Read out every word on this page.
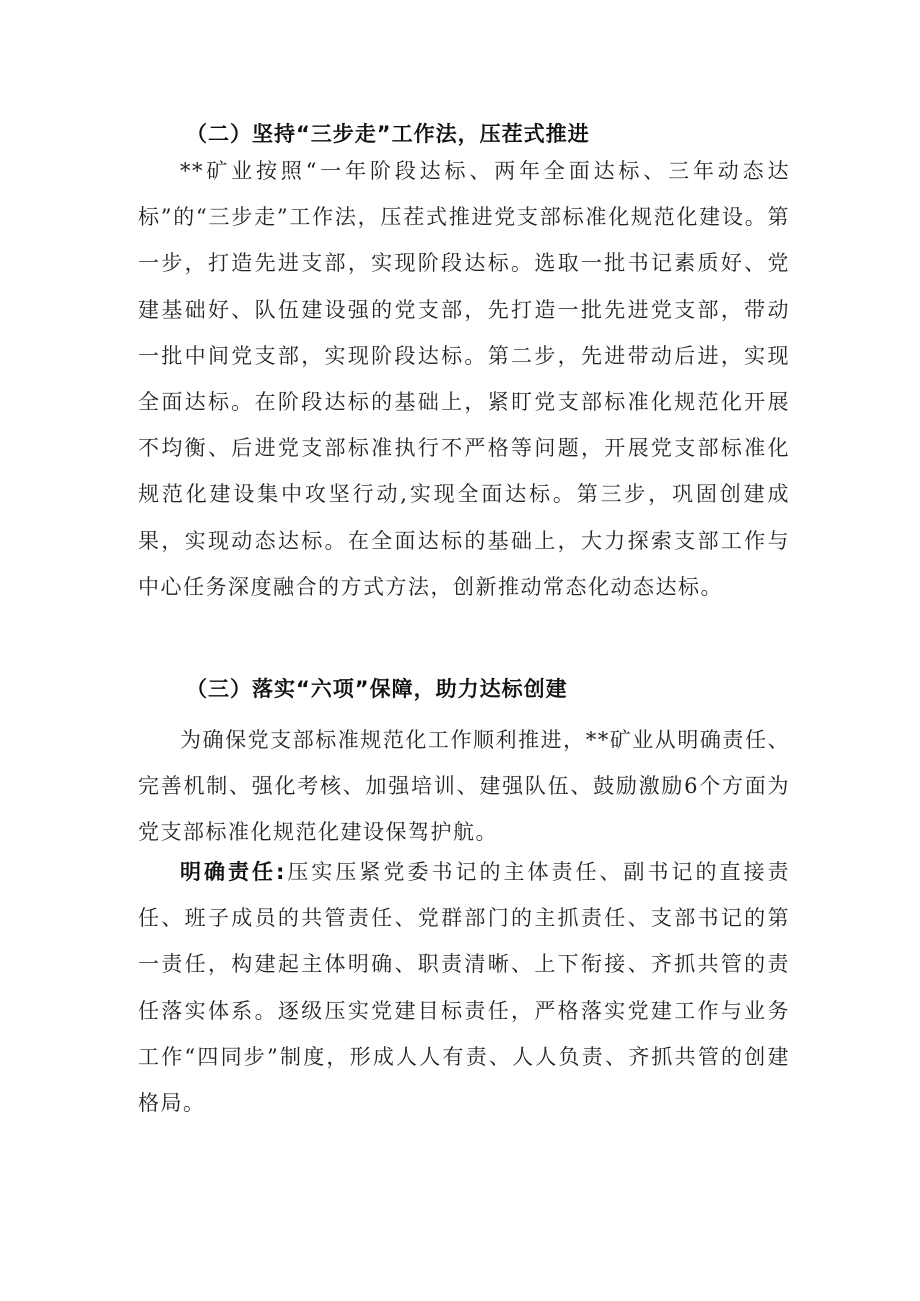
（二）坚持“三步走”工作法，压茬式推进

**矿业按照“一年阶段达标、两年全面达标、三年动态达标”的“三步走”工作法，压茬式推进党支部标准化规范化建设。第一步，打造先进支部，实现阶段达标。选取一批书记素质好、党建基础好、队伍建设强的党支部，先打造一批先进党支部，带动一批中间党支部，实现阶段达标。第二步，先进带动后进，实现全面达标。在阶段达标的基础上，紧盯党支部标准化规范化开展不均衡、后进党支部标准执行不严格等问题，开展党支部标准化规范化建设集中攻坚行动,实现全面达标。第三步，巩固创建成果，实现动态达标。在全面达标的基础上，大力探索支部工作与中心任务深度融合的方式方法，创新推动常态化动态达标。

（三）落实“六项”保障，助力达标创建

为确保党支部标准规范化工作顺利推进，**矿业从明确责任、完善机制、强化考核、加强培训、建强队伍、鼓励激励6个方面为党支部标准化规范化建设保驾护航。

明确责任:压实压紧党委书记的主体责任、副书记的直接责任、班子成员的共管责任、党群部门的主抓责任、支部书记的第一责任，构建起主体明确、职责清晰、上下衔接、齐抓共管的责任落实体系。逐级压实党建目标责任，严格落实党建工作与业务工作“四同步”制度，形成人人有责、人人负责、齐抓共管的创建格局。
